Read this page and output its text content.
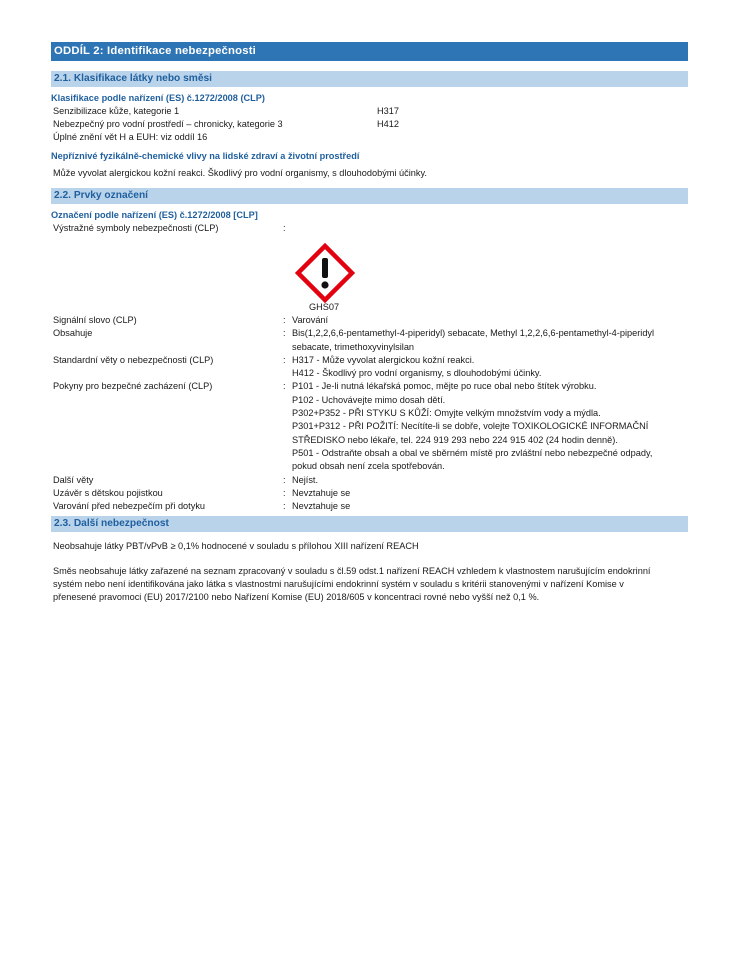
ODDÍL 2: Identifikace nebezpečnosti
2.1. Klasifikace látky nebo směsi
Klasifikace podle nařízení (ES) č.1272/2008 (CLP)
Senzibilizace kůže, kategorie 1	H317
Nebezpečný pro vodní prostředí – chronicky, kategorie 3	H412
Úplné znění vět H a EUH: viz oddíl 16
Nepříznivé fyzikálně-chemické vlivy na lidské zdraví a životní prostředí
Může vyvolat alergickou kožní reakci. Škodlivý pro vodní organismy, s dlouhodobými účinky.
2.2. Prvky označení
Označení podle nařízení (ES) č.1272/2008 [CLP]
Výstražné symboly nebezpečnosti (CLP)	:

GHS07
Signální slovo (CLP)	: Varování
Obsahuje	: Bis(1,2,2,6,6-pentamethyl-4-piperidyl) sebacate, Methyl 1,2,2,6,6-pentamethyl-4-piperidyl
sebacate, trimethoxyvinylsilan
Standardní věty o nebezpečnosti (CLP)	: H317 - Může vyvolat alergickou kožní reakci.
H412 - Škodlivý pro vodní organismy, s dlouhodobými účinky.
Pokyny pro bezpečné zacházení (CLP)	: P101 - Je-li nutná lékařská pomoc, mějte po ruce obal nebo štítek výrobku.
P102 - Uchovávejte mimo dosah dětí.
P302+P352 - PŘI STYKU S KŮŽÍ: Omyjte velkým množstvím vody a mýdla.
P301+P312 - PŘI POŽITÍ: Necítíte-li se dobře, volejte TOXIKOLOGICKÉ INFORMAČNÍ
STŘEDISKO nebo lékaře, tel. 224 919 293 nebo 224 915 402 (24 hodin denně).
P501 - Odstraňte obsah a obal ve sběrném místě pro zvláštní nebo nebezpečné odpady,
pokud obsah není zcela spotřebován.
Další věty	: Nejíst.
Uzávěr s dětskou pojistkou	: Nevztahuje se
Varování před nebezpečím při dotyku	: Nevztahuje se
2.3. Další nebezpečnost
Neobsahuje látky PBT/vPvB ≥ 0,1% hodnocené v souladu s přílohou XIII nařízení REACH
Směs neobsahuje látky zařazené na seznam zpracovaný v souladu s čl.59 odst.1 nařízení REACH vzhledem k vlastnostem narušujícím endokrinní
systém nebo není identifikována jako látka s vlastnostmi narušujícími endokrinní systém v souladu s kritérii stanovenými v nařízení Komise v
přenesené pravomoci (EU) 2017/2100 nebo Nařízení Komise (EU) 2018/605 v koncentraci rovné nebo vyšší než 0,1 %.
